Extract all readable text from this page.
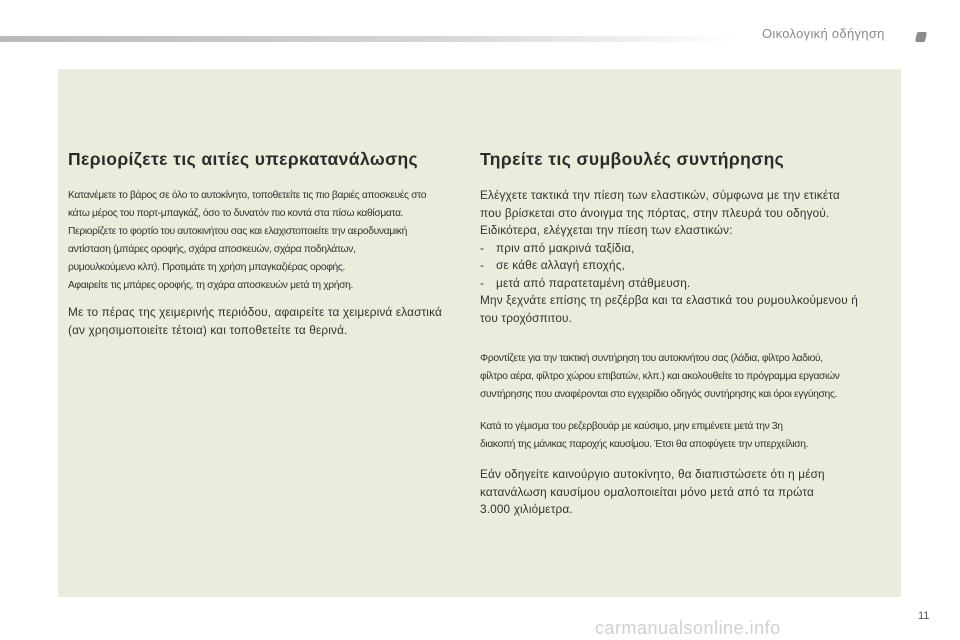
Οικολογική οδήγηση
Περιορίζετε τις αιτίες υπερκατανάλωσης

Κατανέμετε το βάρος σε όλο το αυτοκίνητο, τοποθετείτε τις πιο βαριές αποσκευές στο
κάτω μέρος του πορτ-μπαγκάζ, όσο το δυνατόν πιο κοντά στα πίσω καθίσματα.
Περιορίζετε το φορτίο του αυτοκινήτου σας και ελαχιστοποιείτε την αεροδυναμική
αντίσταση (μπάρες οροφής, σχάρα αποσκευών, σχάρα ποδηλάτων,
ρυμουλκούμενο κλπ). Προτιμάτε τη χρήση μπαγκαζιέρας οροφής.
Αφαιρείτε τις μπάρες οροφής, τη σχάρα αποσκευών μετά τη χρήση.

Με το πέρας της χειμερινής περιόδου, αφαιρείτε τα χειμερινά ελαστικά
(αν χρησιμοποιείτε τέτοια) και τοποθετείτε τα θερινά.

Τηρείτε τις συμβουλές συντήρησης

Ελέγχετε τακτικά την πίεση των ελαστικών, σύμφωνα με την ετικέτα
που βρίσκεται στο άνοιγμα της πόρτας, στην πλευρά του οδηγού.
Ειδικότερα, ελέγχεται την πίεση των ελαστικών:
- πριν από μακρινά ταξίδια,
- σε κάθε αλλαγή εποχής,
- μετά από παρατεταμένη στάθμευση.
Μην ξεχνάτε επίσης τη ρεζέρβα και τα ελαστικά του ρυμουλκούμενου ή
του τροχόσπιτου.

Φροντίζετε για την τακτική συντήρηση του αυτοκινήτου σας (λάδια, φίλτρο λαδιού,
φίλτρο αέρα, φίλτρο χώρου επιβατών, κλπ.) και ακολουθείτε το πρόγραμμα εργασιών
συντήρησης που αναφέρονται στο εγχειρίδιο οδηγός συντήρησης και όροι εγγύησης.

Κατά το γέμισμα του ρεζερβουάρ με καύσιμο, μην επιμένετε μετά την 3η
διακοπή της μάνικας παροχής καυσίμου. Έτσι θα αποφύγετε την υπερχείλιση.

Εάν οδηγείτε καινούργιο αυτοκίνητο, θα διαπιστώσετε ότι η μέση
κατανάλωση καυσίμου ομαλοποιείται μόνο μετά από τα πρώτα
3.000 χιλιόμετρα.

11
carmanualsonline.info
